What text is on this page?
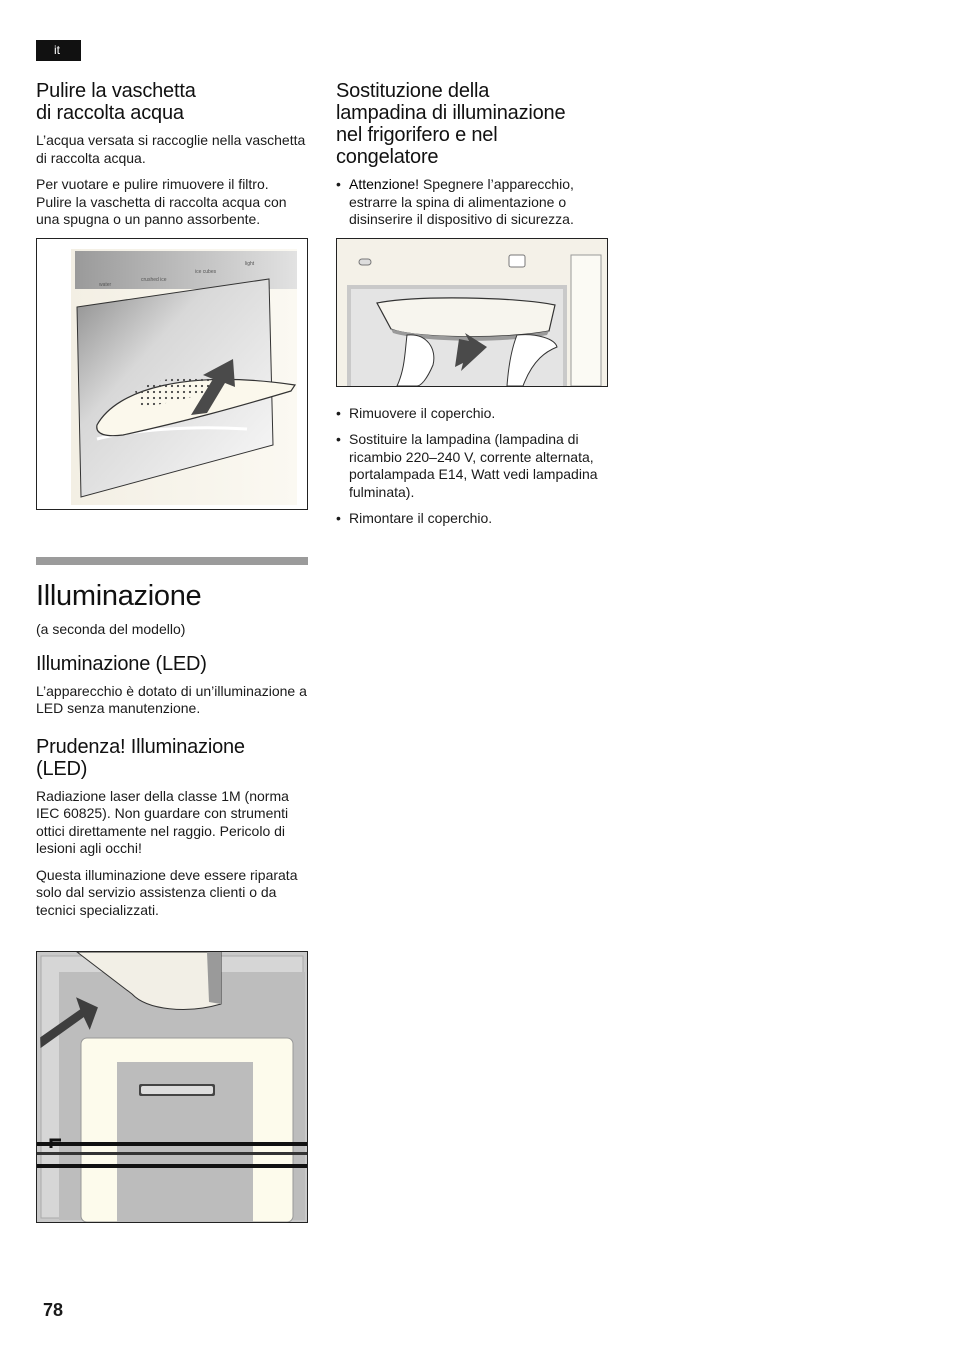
it
Pulire la vaschetta
di raccolta acqua

L’acqua versata si raccoglie nella vaschetta di raccolta acqua.

Per vuotare e pulire rimuovere il filtro. Pulire la vaschetta di raccolta acqua con una spugna o un panno assorbente.

water
crushed ice
ice cubes
light
Illuminazione

(a seconda del modello)

Illuminazione (LED)

L’apparecchio è dotato di un’illuminazione a LED senza manutenzione.

Prudenza! Illuminazione
(LED)

Radiazione laser della classe 1M (norma IEC 60825). Non guardare con strumenti ottici direttamente nel raggio. Pericolo di lesioni agli occhi!

Questa illuminazione deve essere riparata solo dal servizio assistenza clienti o da tecnici specializzati.

Sostituzione della
lampadina di illuminazione
nel frigorifero e nel
congelatore
• Attenzione! Spegnere l’apparecchio, estrarre la spina di alimentazione o disinserire il dispositivo di sicurezza.
• Rimuovere il coperchio.
• Sostituire la lampadina (lampadina di ricambio 220–240 V, corrente alternata, portalampada E14, Watt vedi lampadina fulminata).
• Rimontare il coperchio.
78
